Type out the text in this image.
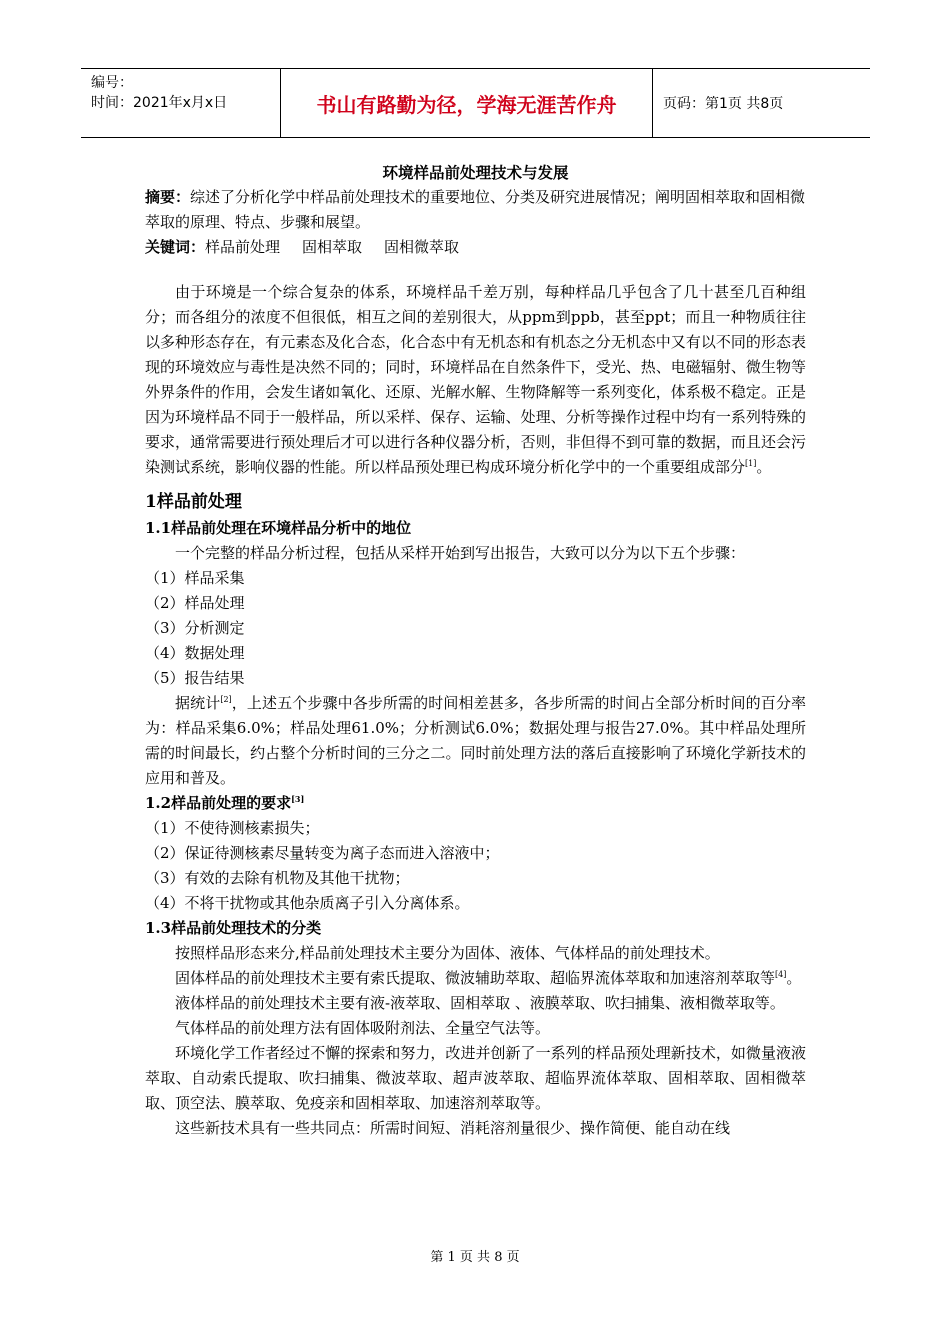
编号：
时间：2021年x月x日	书山有路勤为径，学海无涯苦作舟	页码：第1页 共8页

环境样品前处理技术与发展

摘要：综述了分析化学中样品前处理技术的重要地位、分类及研究进展情况；阐明固相萃取和固相微萃取的原理、特点、步骤和展望。

关键词：样品前处理 固相萃取 固相微萃取

由于环境是一个综合复杂的体系，环境样品千差万别，每种样品几乎包含了几十甚至几百种组分；而各组分的浓度不但很低，相互之间的差别很大，从ppm到ppb，甚至ppt；而且一种物质往往以多种形态存在，有元素态及化合态，化合态中有无机态和有机态之分无机态中又有以不同的形态表现的环境效应与毒性是决然不同的；同时，环境样品在自然条件下，受光、热、电磁辐射、微生物等外界条件的作用，会发生诸如氧化、还原、光解水解、生物降解等一系列变化，体系极不稳定。正是因为环境样品不同于一般样品，所以采样、保存、运输、处理、分析等操作过程中均有一系列特殊的要求，通常需要进行预处理后才可以进行各种仪器分析，否则，非但得不到可靠的数据，而且还会污染测试系统，影响仪器的性能。所以样品预处理已构成环境分析化学中的一个重要组成部分[1]。

1样品前处理
1.1样品前处理在环境样品分析中的地位

一个完整的样品分析过程，包括从采样开始到写出报告，大致可以分为以下五个步骤：

（1）样品采集
（2）样品处理
（3）分析测定
（4）数据处理
（5）报告结果

据统计[2]，上述五个步骤中各步所需的时间相差甚多，各步所需的时间占全部分析时间的百分率为：样品采集6.0%；样品处理61.0%；分析测试6.0%；数据处理与报告27.0%。其中样品处理所需的时间最长，约占整个分析时间的三分之二。同时前处理方法的落后直接影响了环境化学新技术的应用和普及。

1.2样品前处理的要求[3]
（1）不使待测核素损失；
（2）保证待测核素尽量转变为离子态而进入溶液中；
（3）有效的去除有机物及其他干扰物；
（4）不将干扰物或其他杂质离子引入分离体系。
1.3样品前处理技术的分类

按照样品形态来分,样品前处理技术主要分为固体、液体、气体样品的前处理技术。

固体样品的前处理技术主要有索氏提取、微波辅助萃取、超临界流体萃取和加速溶剂萃取等[4]。

液体样品的前处理技术主要有液-液萃取、固相萃取 、液膜萃取、吹扫捕集、液相微萃取等。

气体样品的前处理方法有固体吸附剂法、全量空气法等。

环境化学工作者经过不懈的探索和努力，改进并创新了一系列的样品预处理新技术，如微量液液萃取、自动索氏提取、吹扫捕集、微波萃取、超声波萃取、超临界流体萃取、固相萃取、固相微萃取、顶空法、膜萃取、免疫亲和固相萃取、加速溶剂萃取等。

这些新技术具有一些共同点：所需时间短、消耗溶剂量很少、操作简便、能自动在线

第 1 页 共 8 页
